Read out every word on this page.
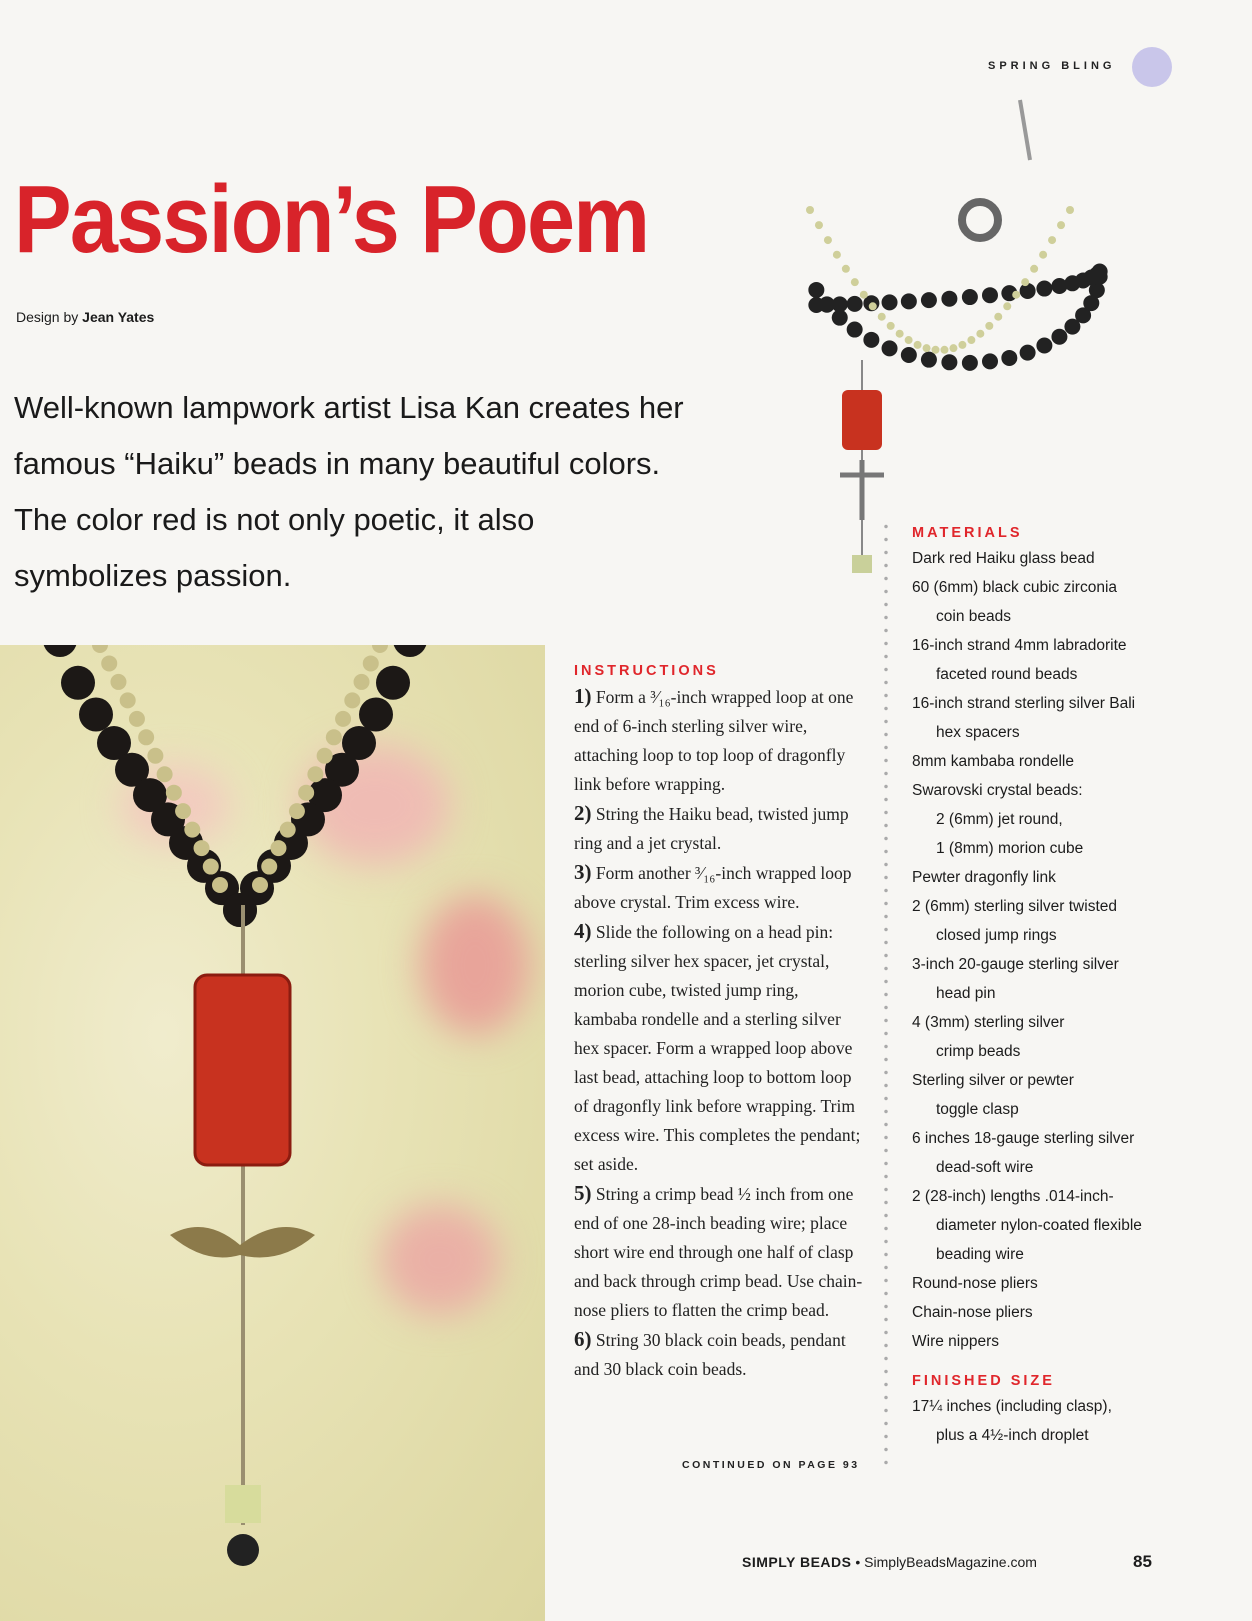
SPRING BLING
Passion’s Poem
Design by Jean Yates
Well-known lampwork artist Lisa Kan creates her famous “Haiku” beads in many beautiful colors. The color red is not only poetic, it also symbolizes passion.
INSTRUCTIONS
1) Form a ³⁄₁₆-inch wrapped loop at one end of 6-inch sterling silver wire, attaching loop to top loop of dragonfly link before wrapping.
2) String the Haiku bead, twisted jump ring and a jet crystal.
3) Form another ³⁄₁₆-inch wrapped loop above crystal. Trim excess wire.
4) Slide the following on a head pin: sterling silver hex spacer, jet crystal, morion cube, twisted jump ring, kambaba rondelle and a sterling silver hex spacer. Form a wrapped loop above last bead, attaching loop to bottom loop of dragonfly link before wrapping. Trim excess wire. This completes the pendant; set aside.
5) String a crimp bead ½ inch from one end of one 28-inch beading wire; place short wire end through one half of clasp and back through crimp bead. Use chain-nose pliers to flatten the crimp bead.
6) String 30 black coin beads, pendant and 30 black coin beads.
CONTINUED ON PAGE 93
MATERIALS
Dark red Haiku glass bead
60 (6mm) black cubic zirconia
coin beads
16-inch strand 4mm labradorite
faceted round beads
16-inch strand sterling silver Bali
hex spacers
8mm kambaba rondelle
Swarovski crystal beads:
2 (6mm) jet round,
1 (8mm) morion cube
Pewter dragonfly link
2 (6mm) sterling silver twisted
closed jump rings
3-inch 20-gauge sterling silver
head pin
4 (3mm) sterling silver
crimp beads
Sterling silver or pewter
toggle clasp
6 inches 18-gauge sterling silver
dead-soft wire
2 (28-inch) lengths .014-inch-
diameter nylon-coated flexible
beading wire
Round-nose pliers
Chain-nose pliers
Wire nippers
FINISHED SIZE
17¼ inches (including clasp),
plus a 4½-inch droplet
SIMPLY BEADS • SimplyBeadsMagazine.com	85
